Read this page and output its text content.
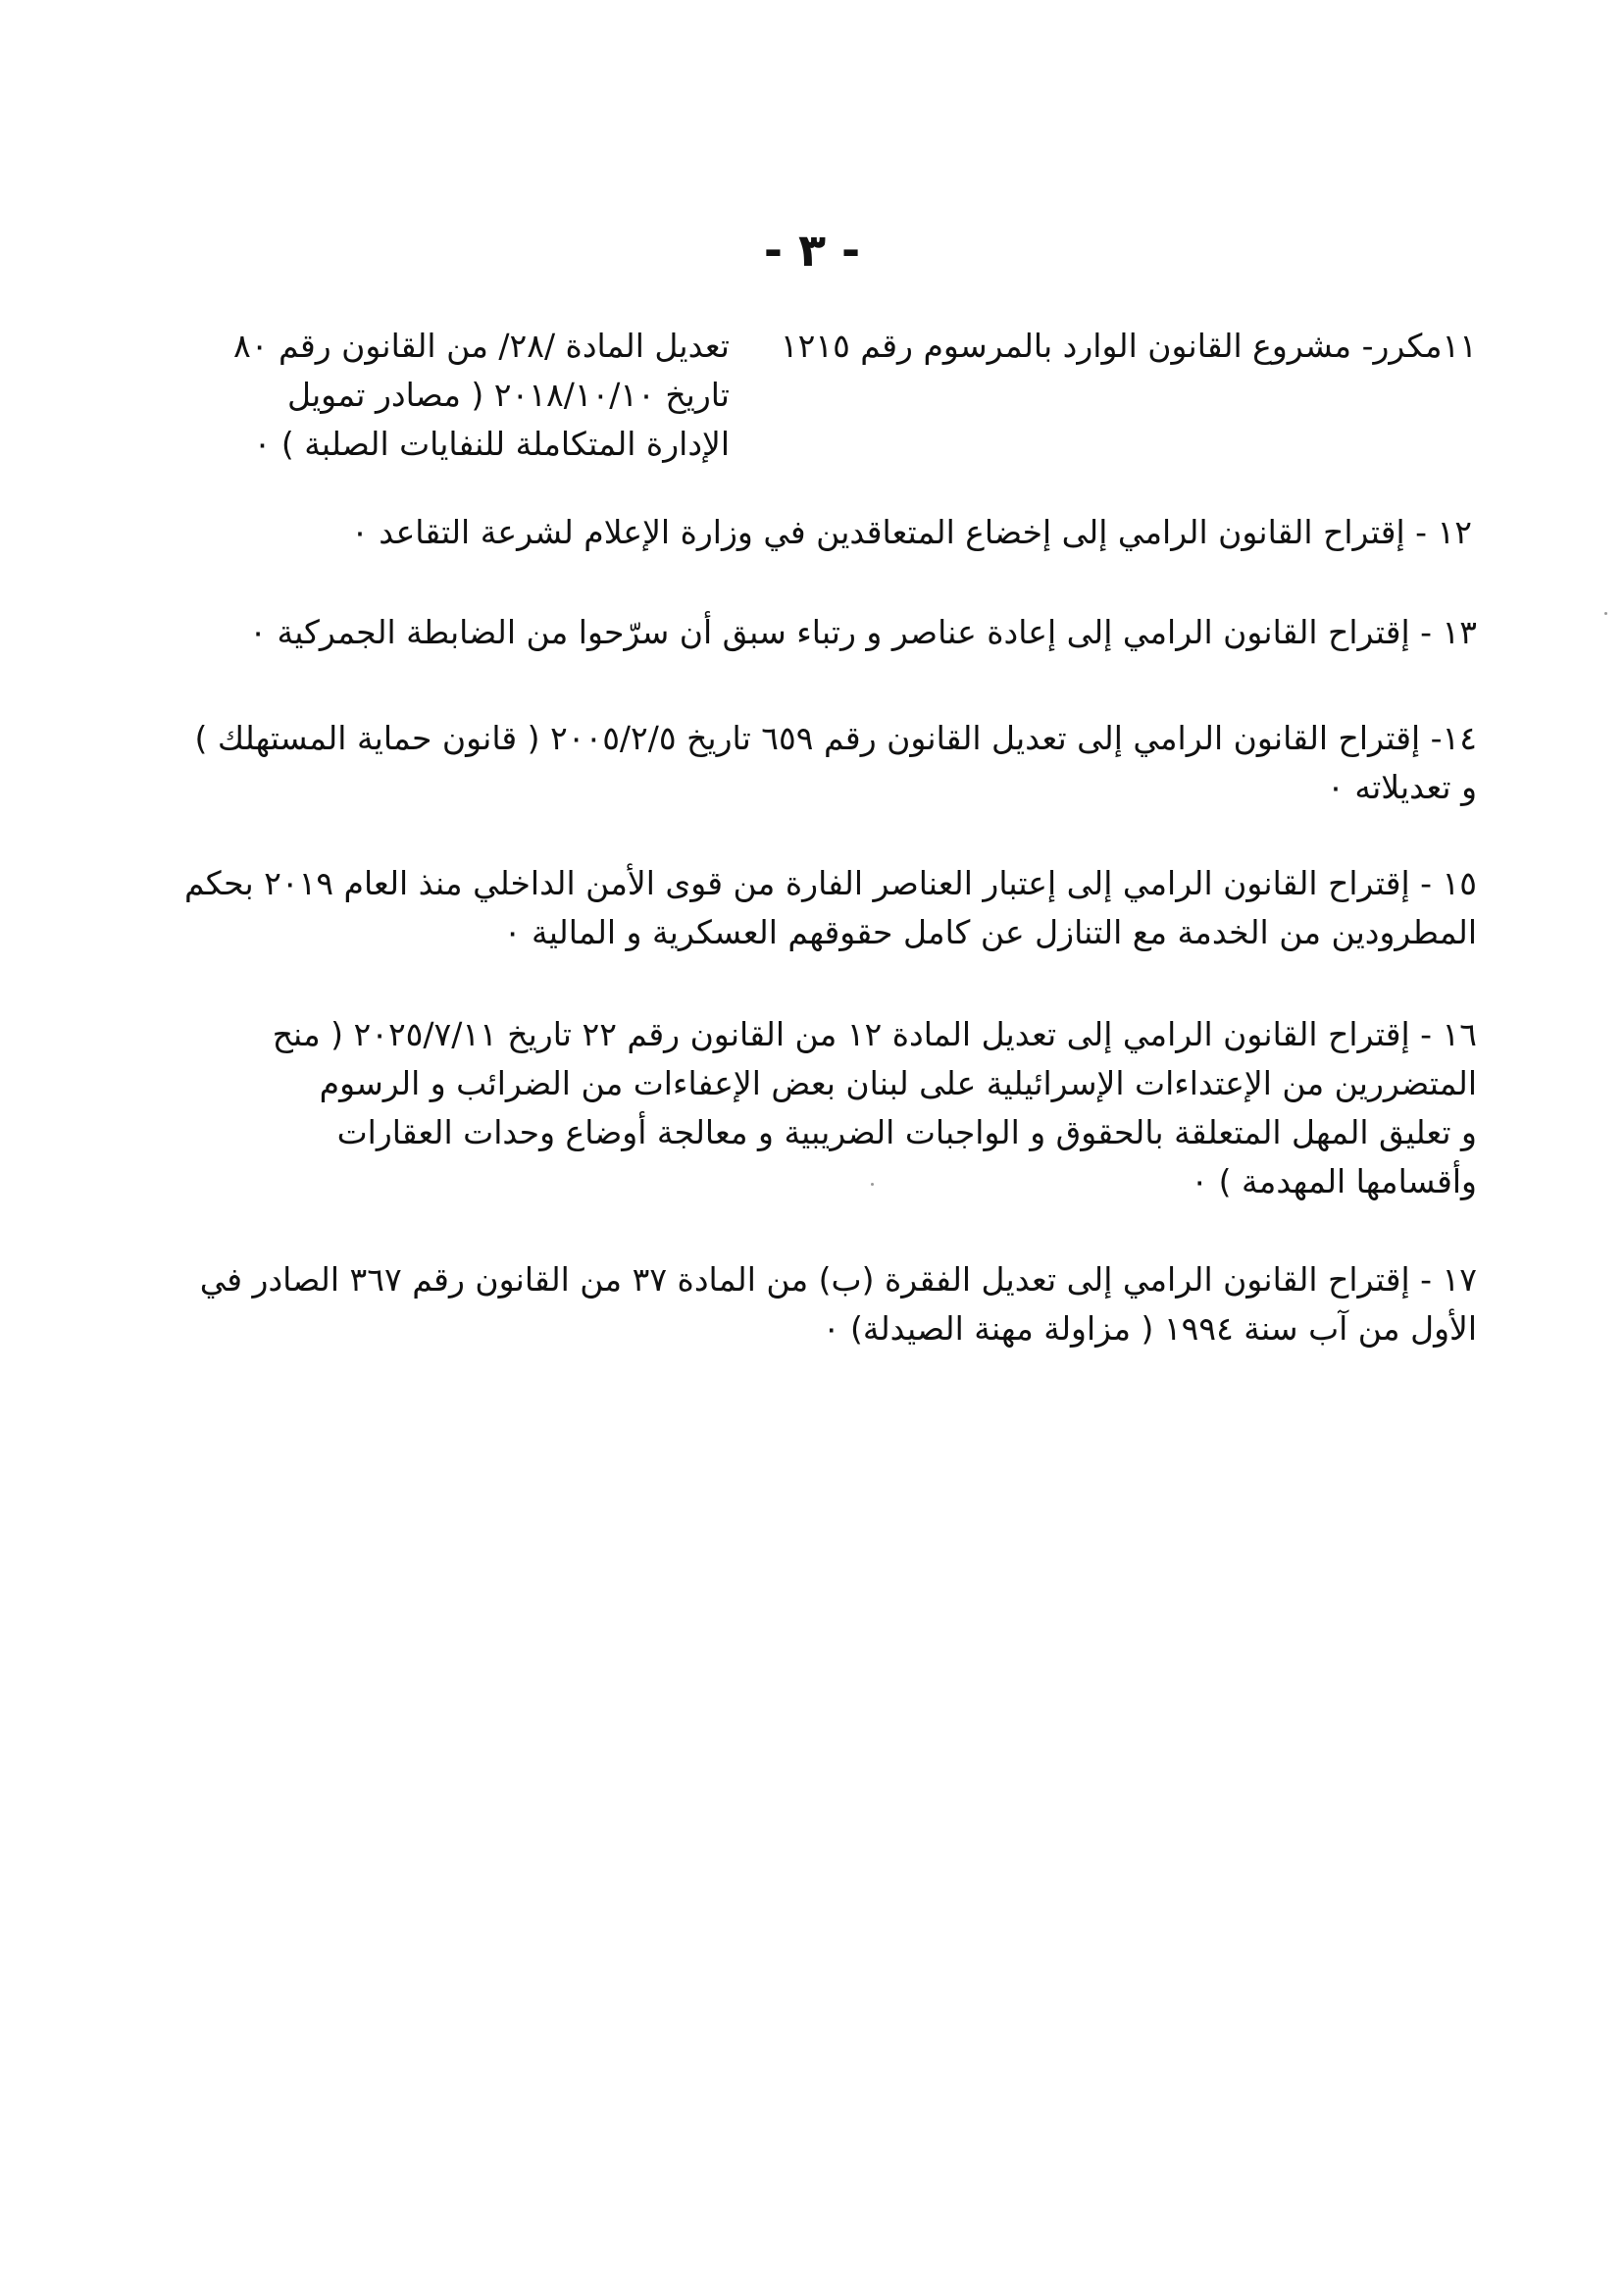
- ٣ -
١١مكرر- مشروع القانون الوارد بالمرسوم رقم ١٢١٥
تعديل المادة /٢٨/ من القانون رقم ٨٠
تاريخ ٢٠١٨/١٠/١٠ ( مصادر تمويل
الإدارة المتكاملة للنفايات الصلبة ) ٠
١٢ - إقتراح القانون الرامي إلى إخضاع المتعاقدين في وزارة الإعلام لشرعة التقاعد ٠
١٣ - إقتراح القانون الرامي إلى إعادة عناصر و رتباء سبق أن سرّحوا من الضابطة الجمركية ٠
١٤- إقتراح القانون الرامي إلى تعديل القانون رقم ٦٥٩ تاريخ ٢٠٠٥/٢/٥ ( قانون حماية المستهلك )
و تعديلاته ٠
١٥ - إقتراح القانون الرامي إلى إعتبار العناصر الفارة من قوى الأمن الداخلي منذ العام ٢٠١٩ بحكم
المطرودين من الخدمة مع التنازل عن كامل حقوقهم العسكرية و المالية ٠
١٦ - إقتراح القانون الرامي إلى تعديل المادة ١٢ من القانون رقم ٢٢ تاريخ ٢٠٢٥/٧/١١ ( منح
المتضررين من الإعتداءات الإسرائيلية على لبنان بعض الإعفاءات من الضرائب و الرسوم
و تعليق المهل المتعلقة بالحقوق و الواجبات الضريبية و معالجة أوضاع وحدات العقارات
وأقسامها المهدمة ) ٠
١٧ - إقتراح القانون الرامي إلى تعديل الفقرة (ب) من المادة ٣٧ من القانون رقم ٣٦٧ الصادر في
الأول من آب سنة ١٩٩٤ ( مزاولة مهنة الصيدلة) ٠
